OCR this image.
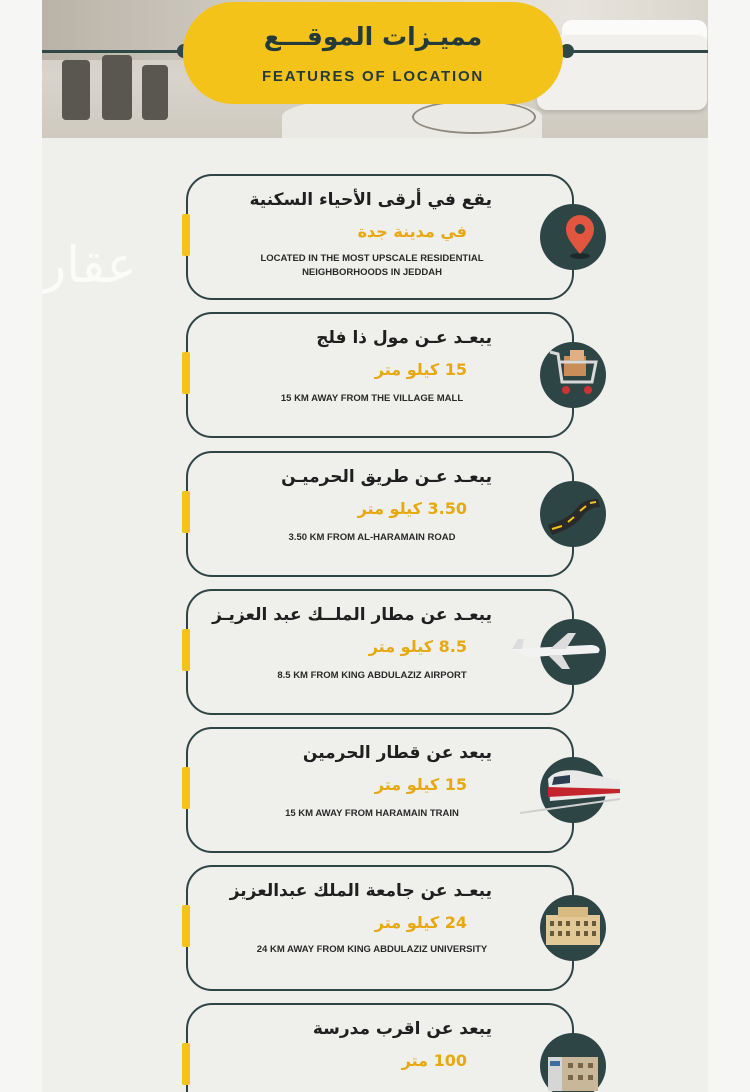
مميـزات الموقـــع
FEATURES OF LOCATION
عقار
يقع في أرقى الأحياء السكنية
في مدينة جدة
LOCATED IN THE MOST UPSCALE RESIDENTIAL
NEIGHBORHOODS IN JEDDAH
يبعـد عـن مول ذا فلج
15 كيلو متر
15 KM AWAY FROM THE VILLAGE MALL
يبعـد عـن طريق الحرميـن
3.50 كيلو متر
3.50 KM FROM AL-HARAMAIN ROAD
يبعـد عن مطار الملــك عبد العزيـز
8.5 كيلو متر
8.5 KM FROM KING ABDULAZIZ AIRPORT
يبعد عن قطار الحرمين
15 كيلو متر
15 KM AWAY FROM HARAMAIN TRAIN
يبعـد عن جامعة الملك عبدالعزيز
24 كيلو متر
24 KM AWAY FROM KING ABDULAZIZ UNIVERSITY
يبعد عن اقرب مدرسة
100 متر
